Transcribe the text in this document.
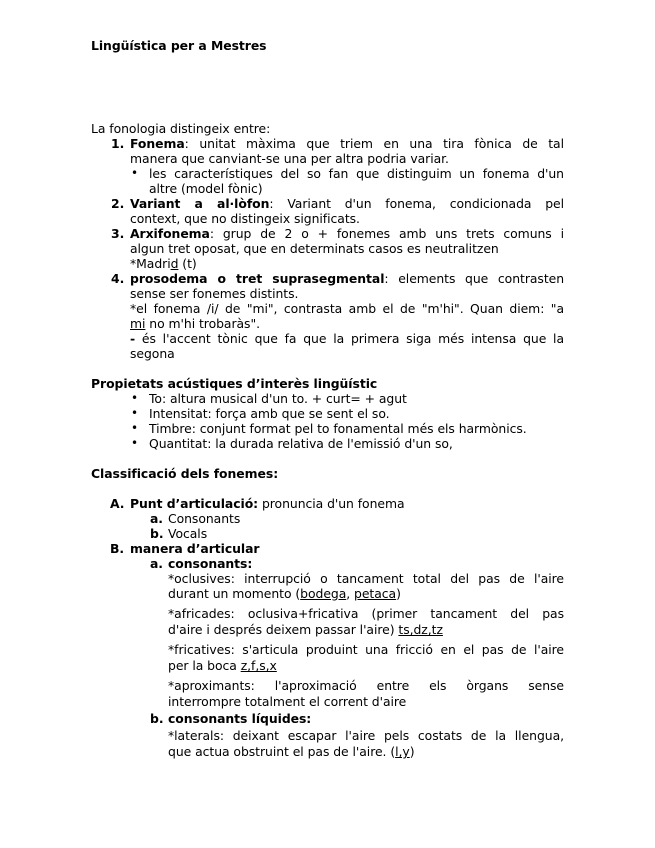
Lingüística per a Mestres
La fonologia distingeix entre:
1. Fonema: unitat màxima que triem en una tira fònica de tal
manera que canviant-se una per altra podria variar.
• les característiques del so fan que distinguim un fonema d'un
altre (model fònic)
2. Variant a al·lòfon: Variant d'un fonema, condicionada pel
context, que no distingeix significats.
3. Arxifonema: grup de 2 o + fonemes amb uns trets comuns i
algun tret oposat, que en determinats casos es neutralitzen
*Madrid (t)
4. prosodema o tret suprasegmental: elements que contrasten
sense ser fonemes distints.
*el fonema /i/ de "mi", contrasta amb el de "m'hi". Quan diem: "a
mi no m'hi trobaràs".
- és l'accent tònic que fa que la primera siga més intensa que la
segona
Propietats acústiques d’interès lingüístic
• To: altura musical d'un to. + curt= + agut
• Intensitat: força amb que se sent el so.
• Timbre: conjunt format pel to fonamental més els harmònics.
• Quantitat: la durada relativa de l'emissió d'un so,
Classificació dels fonemes:
A. Punt d’articulació: pronuncia d'un fonema
a. Consonants
b. Vocals
B. manera d’articular
a. consonants:
*oclusives: interrupció o tancament total del pas de l'aire
durant un momento (bodega, petaca)
*africades: oclusiva+fricativa (primer tancament del pas
d'aire i després deixem passar l'aire) ts,dz,tz
*fricatives: s'articula produint una fricció en el pas de l'aire
per la boca z,f,s,x
*aproximants: l'aproximació entre els òrgans sense
interrompre totalment el corrent d'aire
b. consonants líquides:
*laterals: deixant escapar l'aire pels costats de la llengua,
que actua obstruint el pas de l'aire. (l,y)
